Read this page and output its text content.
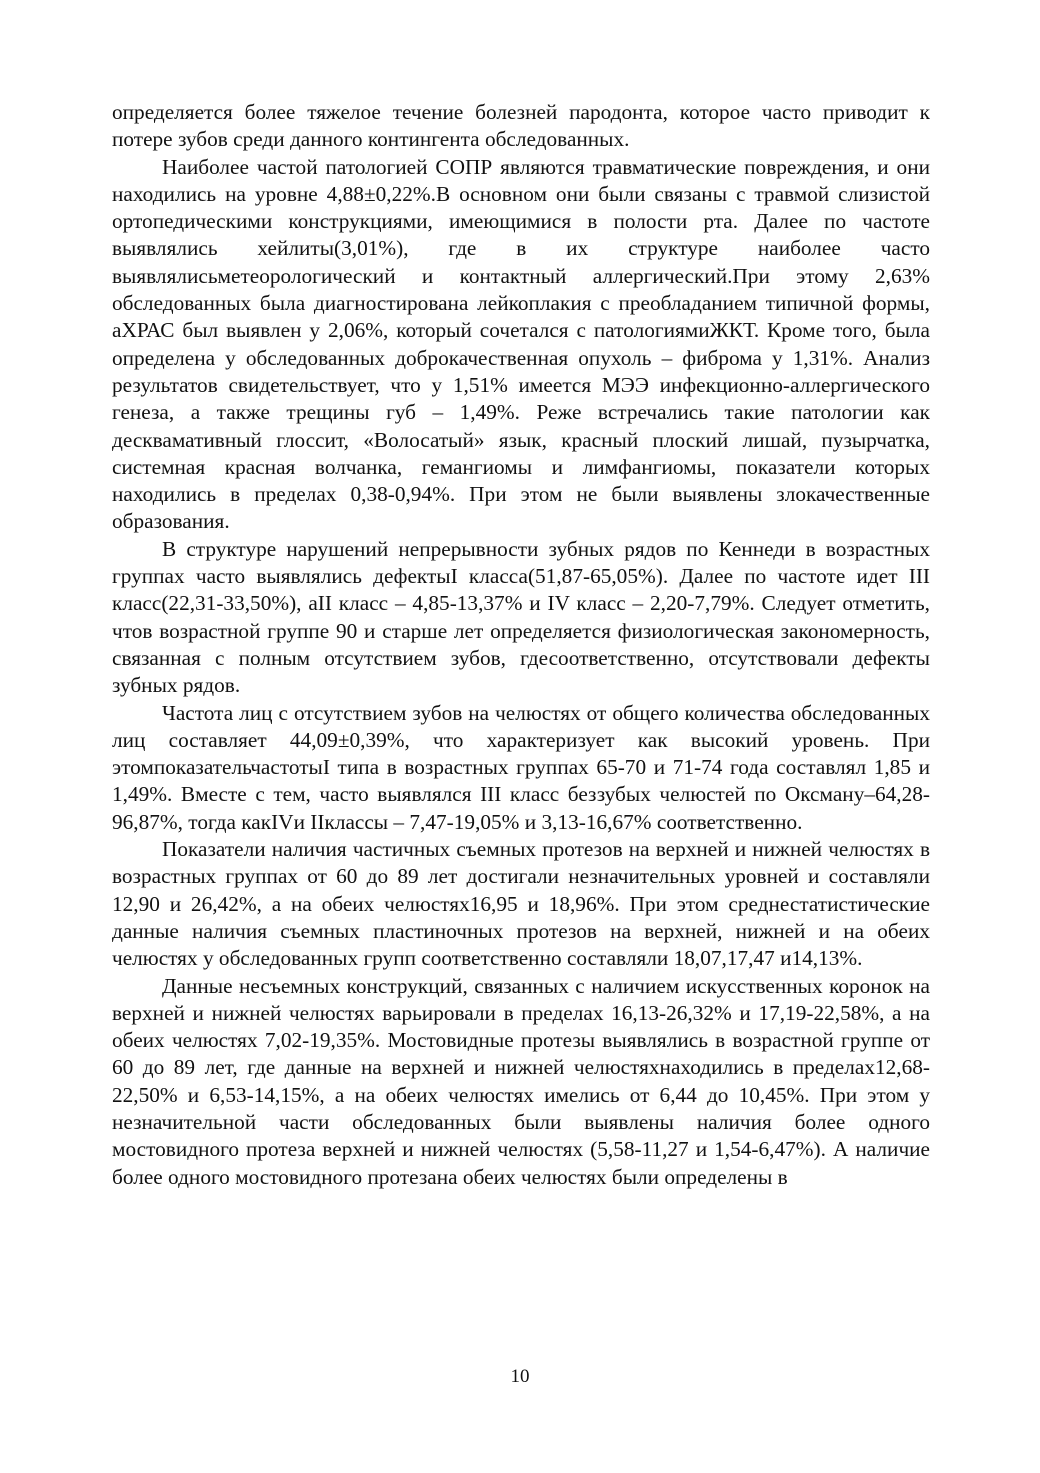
определяется более тяжелое течение болезней пародонта, которое часто приводит к потере зубов среди данного контингента обследованных.

Наиболее частой патологией СОПР являются травматические повреждения, и они находились на уровне 4,88±0,22%.В основном они были связаны с травмой слизистой ортопедическими конструкциями, имеющимися в полости рта. Далее по частоте выявлялись хейлиты(3,01%), где в их структуре наиболее часто выявлялисьметеорологический и контактный аллергический.При этому 2,63% обследованных была диагностирована лейкоплакия с преобладанием типичной формы, аХРАС был выявлен у 2,06%, который сочетался с патологиямиЖКТ. Кроме того, была определена у обследованных доброкачественная опухоль – фиброма у 1,31%. Анализ результатов свидетельствует, что у 1,51% имеется МЭЭ инфекционно-аллергического генеза, а также трещины губ – 1,49%. Реже встречались такие патологии как десквамативный глоссит, «Волосатый» язык, красный плоский лишай, пузырчатка, системная красная волчанка, гемангиомы и лимфангиомы, показатели которых находились в пределах 0,38-0,94%. При этом не были выявлены злокачественные образования.

В структуре нарушений непрерывности зубных рядов по Кеннеди в возрастных группах часто выявлялись дефектыI класса(51,87-65,05%). Далее по частоте идет III класс(22,31-33,50%), аII класс – 4,85-13,37% и IV класс – 2,20-7,79%. Следует отметить, чтов возрастной группе 90 и старше лет определяется физиологическая закономерность, связанная с полным отсутствием зубов, гдесоответственно, отсутствовали дефекты зубных рядов.

Частота лиц с отсутствием зубов на челюстях от общего количества обследованных лиц составляет 44,09±0,39%, что характеризует как высокий уровень. При этомпоказательчастотыI типа в возрастных группах 65-70 и 71-74 года составлял 1,85 и 1,49%. Вместе с тем, часто выявлялся III класс беззубых челюстей по Оксману–64,28-96,87%, тогда какIVи IIклассы – 7,47-19,05% и 3,13-16,67% соответственно.

Показатели наличия частичных съемных протезов на верхней и нижней челюстях в возрастных группах от 60 до 89 лет достигали незначительных уровней и составляли 12,90 и 26,42%, а на обеих челюстях16,95 и 18,96%. При этом среднестатистические данные наличия съемных пластиночных протезов на верхней, нижней и на обеих челюстях у обследованных групп соответственно составляли 18,07,17,47 и14,13%.

Данные несъемных конструкций, связанных с наличием искусственных коронок на верхней и нижней челюстях варьировали в пределах 16,13-26,32% и 17,19-22,58%, а на обеих челюстях 7,02-19,35%. Мостовидные протезы выявлялись в возрастной группе от 60 до 89 лет, где данные на верхней и нижней челюстяхнаходились в пределах12,68-22,50% и 6,53-14,15%, а на обеих челюстях имелись от 6,44 до 10,45%. При этом у незначительной части обследованных были выявлены наличия более одного мостовидного протеза верхней и нижней челюстях (5,58-11,27 и 1,54-6,47%). А наличие более одного мостовидного протезана обеих челюстях были определены в

10
